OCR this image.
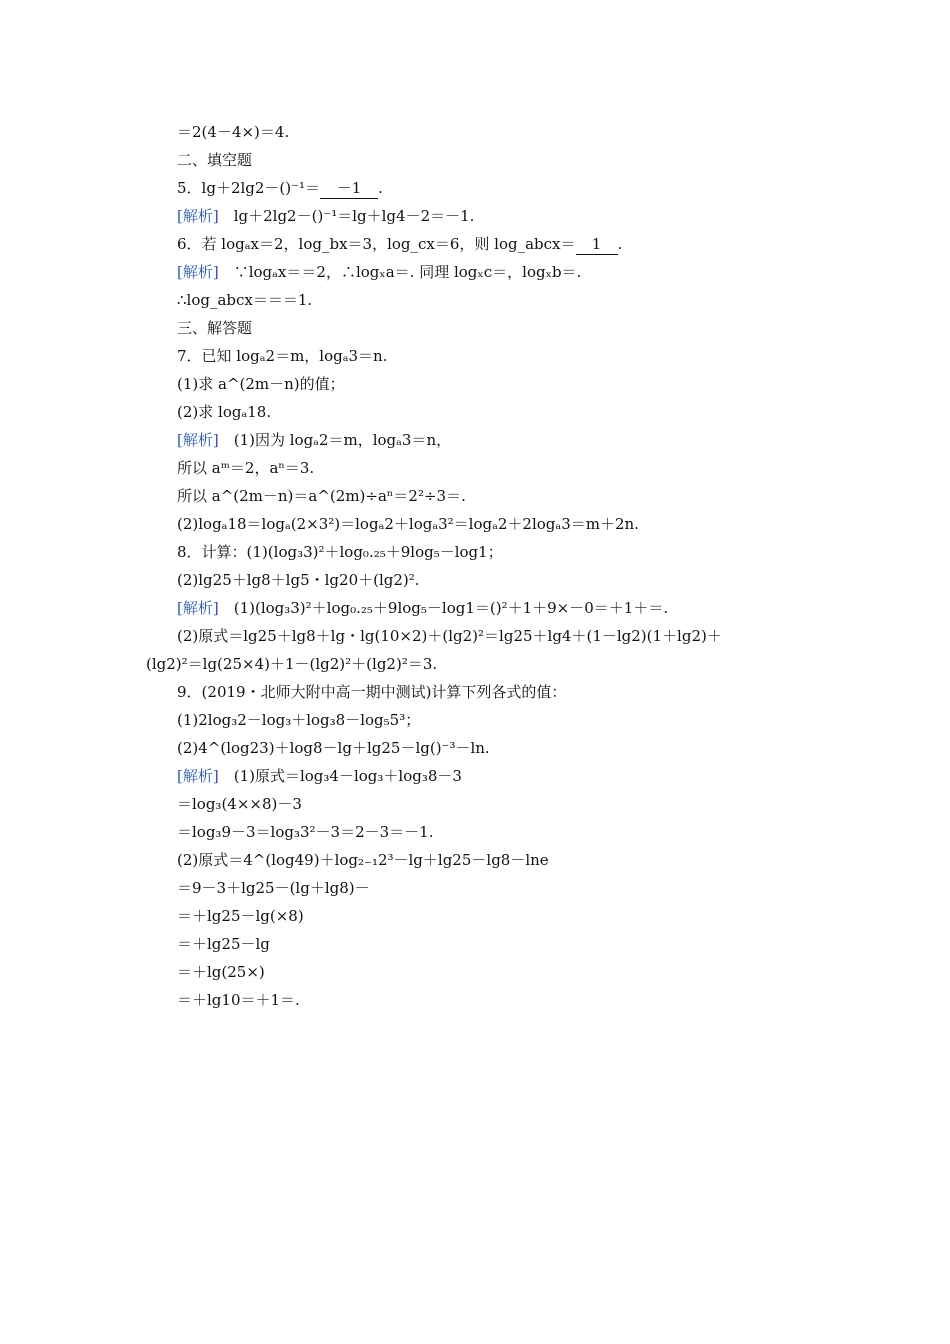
＝2(4－4×)＝4.
二、填空题
5．lg＋2lg2－()⁻¹＝ －1 .
[解析]　lg＋2lg2－()⁻¹＝lg＋lg4－2＝－1.
6．若 logₐx＝2，log_bx＝3，log_cx＝6，则 log_abcx＝ 1 .
[解析]　∵logₐx＝＝2，∴logₓa＝. 同理 logₓc＝，logₓb＝.
∴log_abcx＝＝＝1.
三、解答题
7．已知 logₐ2＝m，logₐ3＝n.
(1)求 a^(2m－n)的值；
(2)求 logₐ18.
[解析]　(1)因为 logₐ2＝m，logₐ3＝n，
所以 aᵐ＝2，aⁿ＝3.
所以 a^(2m－n)＝a^(2m)÷aⁿ＝2²÷3＝.
(2)logₐ18＝logₐ(2×3²)＝logₐ2＋logₐ3²＝logₐ2＋2logₐ3＝m＋2n.
8．计算：(1)(log₃3)²＋log₀.₂₅＋9log₅－log1；
(2)lg25＋lg8＋lg5・lg20＋(lg2)².
[解析]　(1)(log₃3)²＋log₀.₂₅＋9log₅－log1＝()²＋1＋9×－0＝＋1＋＝.
(2)原式＝lg25＋lg8＋lg・lg(10×2)＋(lg2)²＝lg25＋lg4＋(1－lg2)(1＋lg2)＋
(lg2)²＝lg(25×4)＋1－(lg2)²＋(lg2)²＝3.
9．(2019・北师大附中高一期中测试)计算下列各式的值：
(1)2log₃2－log₃＋log₃8－log₅5³；
(2)4^(log23)＋log8－lg＋lg25－lg()⁻³－ln.
[解析]　(1)原式＝log₃4－log₃＋log₃8－3
＝log₃(4××8)－3
＝log₃9－3＝log₃3²－3＝2－3＝－1.
(2)原式＝4^(log49)＋log₂₋₁2³－lg＋lg25－lg8－lne
＝9－3＋lg25－(lg＋lg8)－
＝＋lg25－lg(×8)
＝＋lg25－lg
＝＋lg(25×)
＝＋lg10＝＋1＝.
